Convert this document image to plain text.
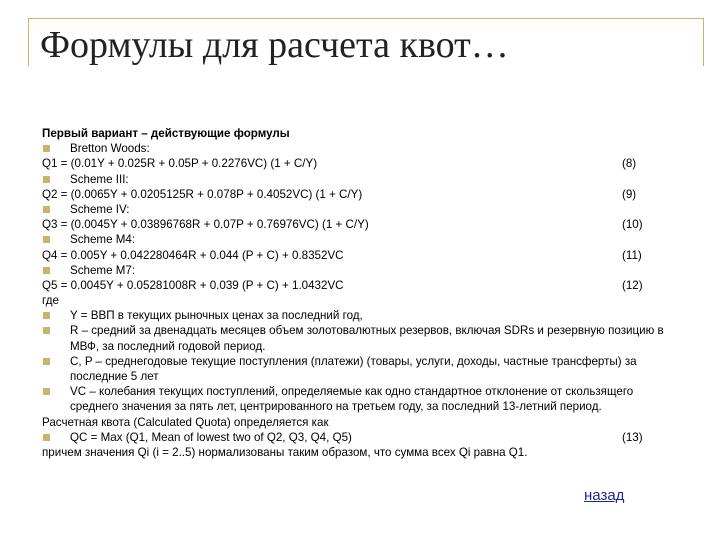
Формулы для расчета квот…
Первый вариант – действующие формулы
Bretton Woods:
Q1 = (0.01Y + 0.025R + 0.05P + 0.2276VC) (1 + C/Y)	(8)
Scheme III:
Q2 = (0.0065Y + 0.0205125R + 0.078P + 0.4052VC) (1 + C/Y)	(9)
Scheme IV:
Q3 = (0.0045Y + 0.03896768R + 0.07P + 0.76976VC) (1 + C/Y)	(10)
Scheme M4:
Q4 = 0.005Y + 0.042280464R + 0.044 (P + C) + 0.8352VC	(11)
Scheme M7:
Q5 = 0.0045Y + 0.05281008R + 0.039 (P + C) + 1.0432VC	(12)
где
Y = ВВП в текущих рыночных ценах за последний год,
R – средний за двенадцать месяцев объем золотовалютных резервов, включая SDRs и резервную позицию в МВФ, за последний годовой период.
C, P – среднегодовые текущие поступления (платежи) (товары, услуги, доходы, частные трансферты) за последние 5 лет
VC – колебания текущих поступлений, определяемые как одно стандартное отклонение от скользящего среднего значения за пять лет, центрированного на третьем году, за последний 13-летний период.
Расчетная квота (Calculated Quota) определяется как
QC = Max (Q1, Mean of lowest two of Q2, Q3, Q4, Q5)	(13)
причем значения Qi (i = 2..5) нормализованы таким образом, что сумма всех Qi равна Q1.
назад
